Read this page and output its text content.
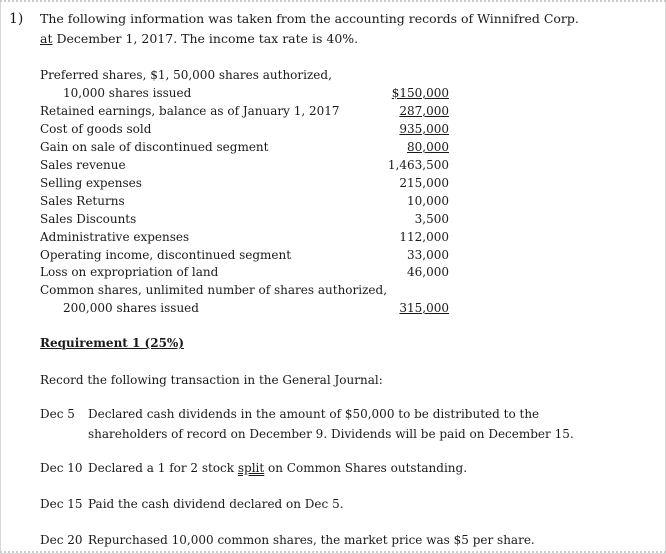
1) The following information was taken from the accounting records of Winnifred Corp.
at December 1, 2017. The income tax rate is 40%.
Preferred shares, $1, 50,000 shares authorized,
10,000 shares issued	$150,000
Retained earnings, balance as of January 1, 2017	287,000
Cost of goods sold	935,000
Gain on sale of discontinued segment	80,000
Sales revenue	1,463,500
Selling expenses	215,000
Sales Returns	10,000
Sales Discounts	3,500
Administrative expenses	112,000
Operating income, discontinued segment	33,000
Loss on expropriation of land	46,000
Common shares, unlimited number of shares authorized,
200,000 shares issued	315,000
Requirement 1 (25%)
Record the following transaction in the General Journal:
Dec 5 Declared cash dividends in the amount of $50,000 to be distributed to the
shareholders of record on December 9. Dividends will be paid on December 15.
Dec 10 Declared a 1 for 2 stock split on Common Shares outstanding.
Dec 15 Paid the cash dividend declared on Dec 5.
Dec 20 Repurchased 10,000 common shares, the market price was $5 per share.
